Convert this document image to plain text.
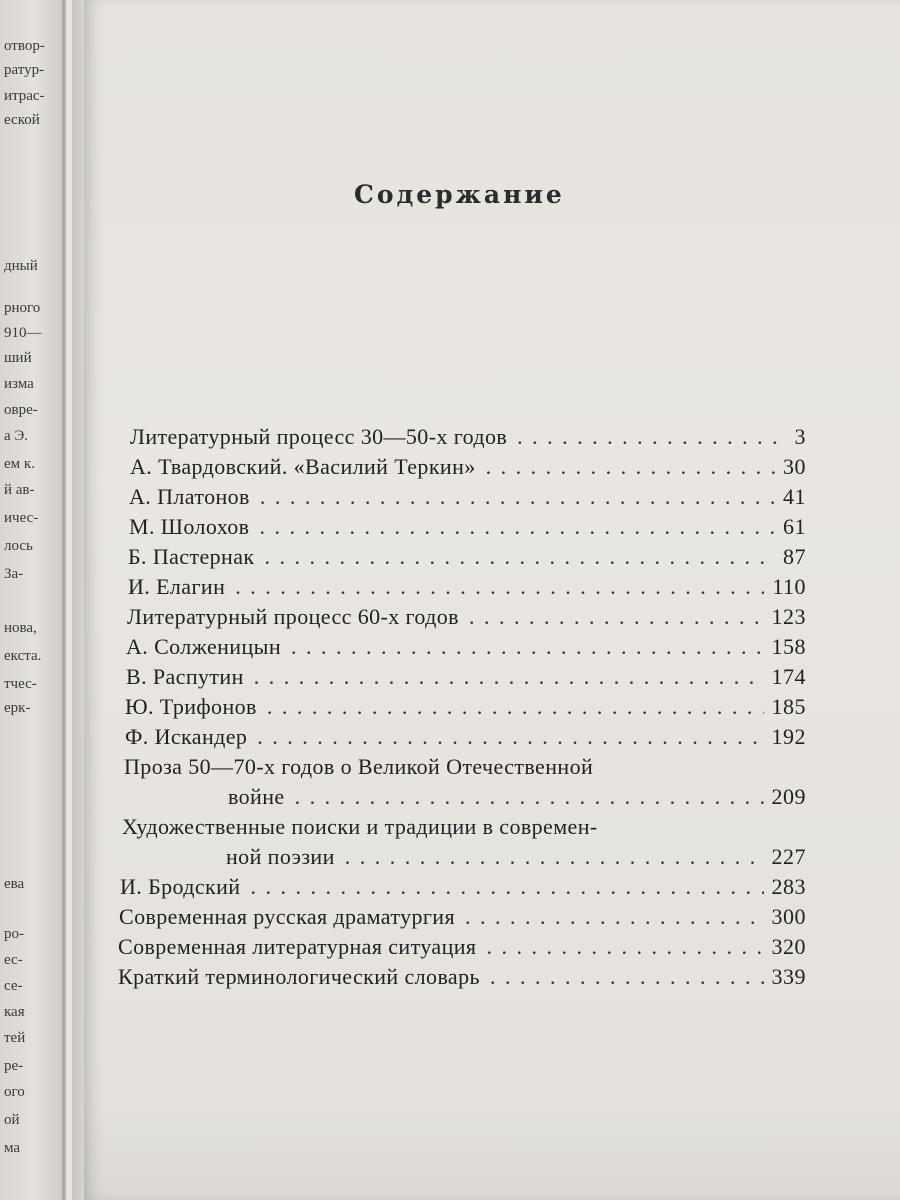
отвор-
ратур-
итрас-
еской
дный
рного
910—
ший
изма
овре-
а Э.
ем к.
й ав-
ичес-
лось
За-
нова,
екста.
тчес-
ерк-
ева
ро-
ес-
се-
кая
тей
ре-
ого
ой
ма
Содержание
Литературный процесс 30—50-х годов . . .	3
А. Твардовский. «Василий Теркин» . . .	30
А. Платонов . . .	41
М. Шолохов . . .	61
Б. Пастернак . . .	87
И. Елагин . . .	110
Литературный процесс 60-х годов . . .	123
А. Солженицын . . .	158
В. Распутин . . .	174
Ю. Трифонов . . .	185
Ф. Искандер . . .	192
Проза 50—70-х годов о Великой Отечественной
войне . . .	209
Художественные поиски и традиции в современ-
ной поэзии . . .	227
И. Бродский . . .	283
Современная русская драматургия . . .	300
Современная литературная ситуация . . .	320
Краткий терминологический словарь . . .	339
